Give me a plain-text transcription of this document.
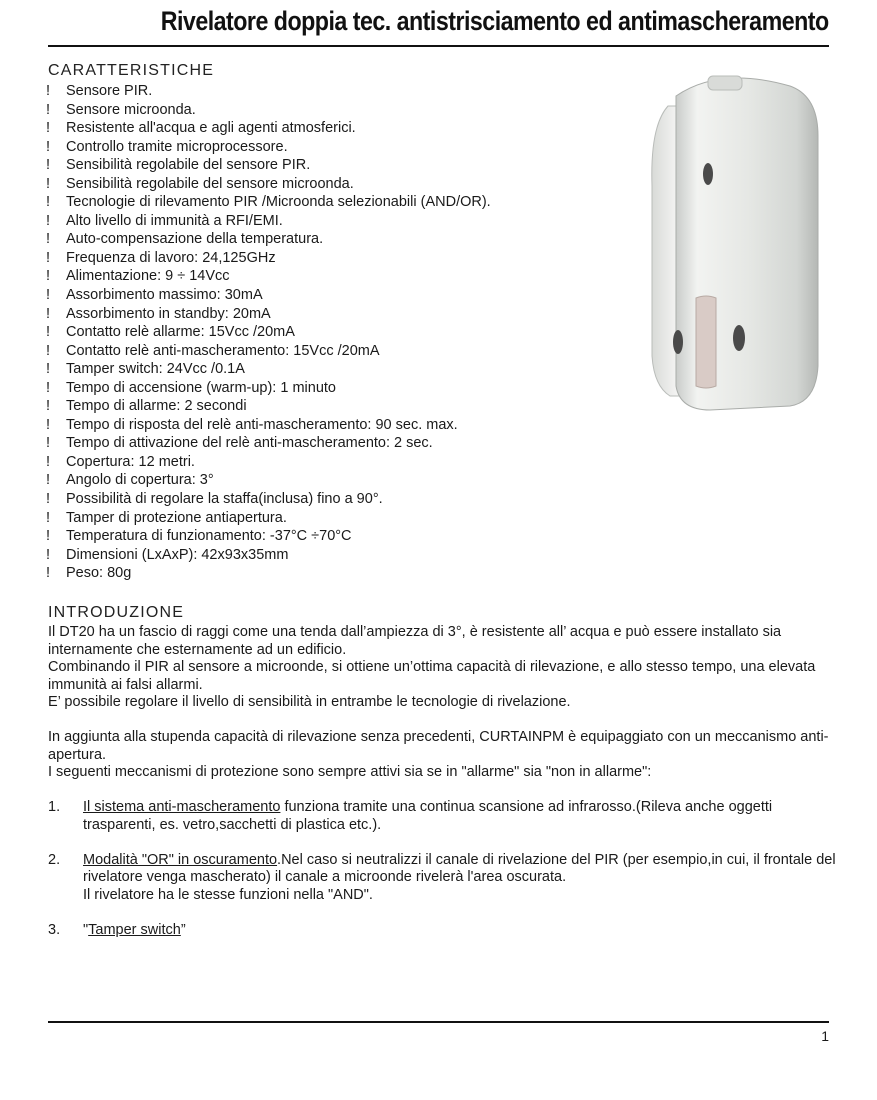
Rivelatore doppia tec. antistrisciamento ed antimascheramento
CARATTERISTICHE
!	Sensore PIR.
!	Sensore microonda.
!	Resistente all'acqua e agli agenti atmosferici.
!	Controllo tramite microprocessore.
!	Sensibilità regolabile del sensore PIR.
!	Sensibilità regolabile del sensore microonda.
!	Tecnologie di rilevamento PIR /Microonda selezionabili (AND/OR).
!	Alto livello di immunità a RFI/EMI.
!	Auto-compensazione della temperatura.
!	Frequenza di lavoro: 24,125GHz
!	Alimentazione: 9 ÷ 14Vcc
!	Assorbimento massimo: 30mA
!	Assorbimento in standby: 20mA
!	Contatto relè allarme: 15Vcc /20mA
!	Contatto relè anti-mascheramento: 15Vcc /20mA
!	Tamper switch: 24Vcc /0.1A
!	Tempo di accensione (warm-up): 1 minuto
!	Tempo di allarme: 2 secondi
!	Tempo di risposta del relè anti-mascheramento: 90 sec. max.
!	Tempo di attivazione del relè anti-mascheramento: 2 sec.
!	Copertura: 12 metri.
!	Angolo di copertura: 3°
!	Possibilità di regolare la staffa(inclusa) fino a 90°.
!	Tamper di protezione antiapertura.
!	Temperatura di funzionamento: -37°C ÷70°C
!	Dimensioni (LxAxP): 42x93x35mm
!	Peso: 80g
INTRODUZIONE

Il DT20 ha un fascio di raggi come una tenda dall’ampiezza di 3°, è resistente all’ acqua e può essere installato sia internamente che esternamente ad un edificio.

Combinando il PIR al sensore a microonde, si ottiene un’ottima capacità di rilevazione, e allo stesso tempo, una elevata immunità ai falsi allarmi.

E’ possibile regolare il livello di sensibilità in entrambe le tecnologie di rivelazione.

In aggiunta alla stupenda capacità di rilevazione senza precedenti, CURTAINPM è equipaggiato con un meccanismo anti-apertura.

I seguenti meccanismi di protezione sono sempre attivi sia se in "allarme" sia "non in allarme":

1.	Il sistema anti-mascheramento funziona tramite una continua scansione ad infrarosso.(Rileva anche oggetti trasparenti, es. vetro,sacchetti di plastica etc.).
2.	Modalità "OR" in oscuramento.Nel caso si neutralizzi il canale di rivelazione del PIR (per esempio,in cui, il frontale del rivelatore venga mascherato) il canale a microonde rivelerà l'area oscurata.
Il rivelatore ha le stesse funzioni nella "AND".
3.	"Tamper switch”
1
